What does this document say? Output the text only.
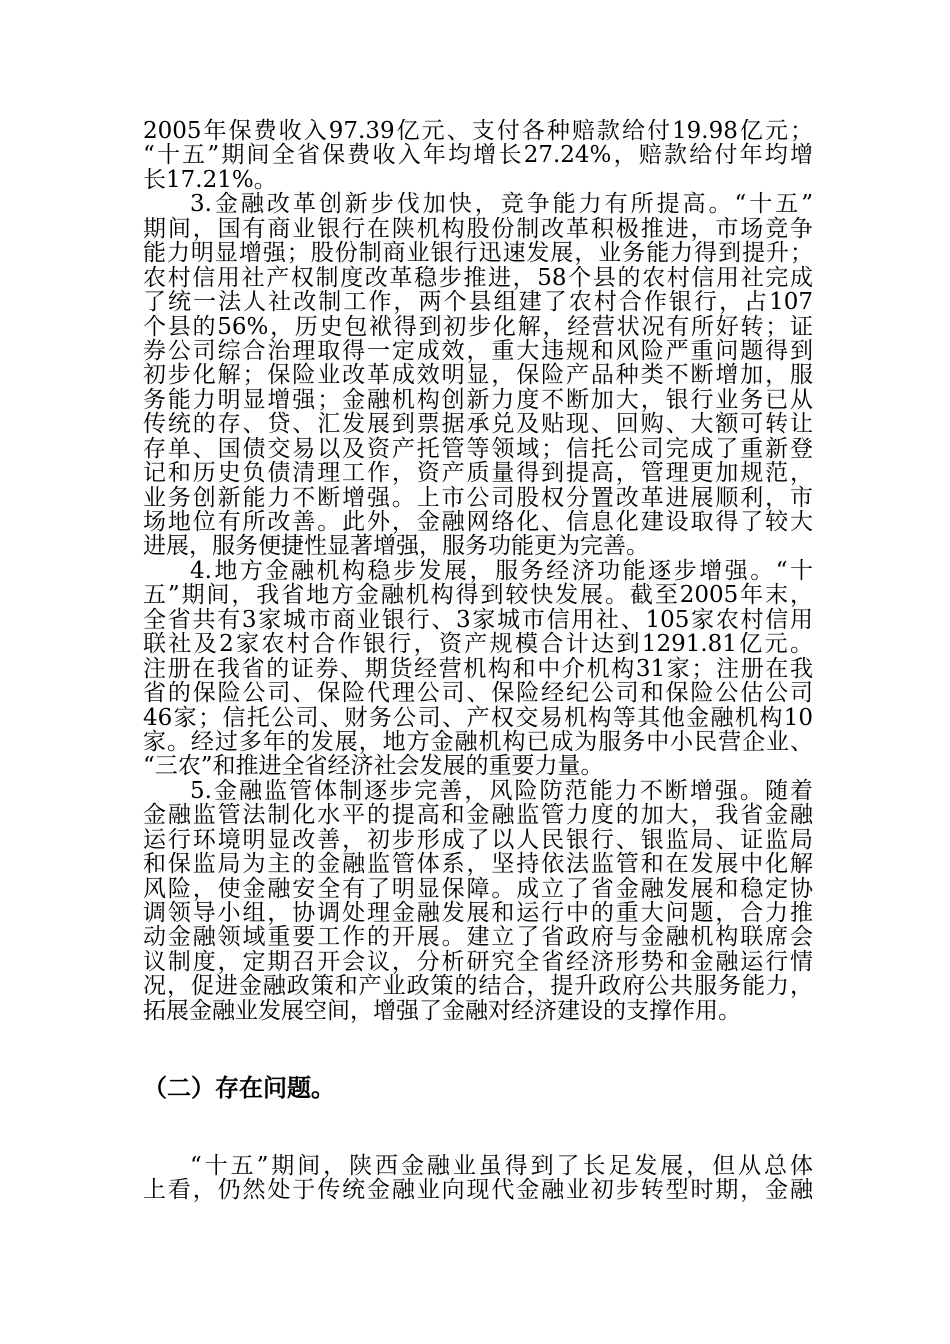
2005年保费收入97.39亿元、支付各种赔款给付19.98亿元；
“十五”期间全省保费收入年均增长27.24%，赔款给付年均增
长17.21%。
3.金融改革创新步伐加快，竞争能力有所提高。“十五”
期间，国有商业银行在陕机构股份制改革积极推进，市场竞争
能力明显增强；股份制商业银行迅速发展，业务能力得到提升；
农村信用社产权制度改革稳步推进，58个县的农村信用社完成
了统一法人社改制工作，两个县组建了农村合作银行，占107
个县的56%，历史包袱得到初步化解，经营状况有所好转；证
券公司综合治理取得一定成效，重大违规和风险严重问题得到
初步化解；保险业改革成效明显，保险产品种类不断增加，服
务能力明显增强；金融机构创新力度不断加大，银行业务已从
传统的存、贷、汇发展到票据承兑及贴现、回购、大额可转让
存单、国债交易以及资产托管等领域；信托公司完成了重新登
记和历史负债清理工作，资产质量得到提高，管理更加规范，
业务创新能力不断增强。上市公司股权分置改革进展顺利，市
场地位有所改善。此外，金融网络化、信息化建设取得了较大
进展，服务便捷性显著增强，服务功能更为完善。
4.地方金融机构稳步发展，服务经济功能逐步增强。“十
五”期间，我省地方金融机构得到较快发展。截至2005年末，
全省共有3家城市商业银行、3家城市信用社、105家农村信用
联社及2家农村合作银行，资产规模合计达到1291.81亿元。
注册在我省的证券、期货经营机构和中介机构31家；注册在我
省的保险公司、保险代理公司、保险经纪公司和保险公估公司
46家；信托公司、财务公司、产权交易机构等其他金融机构10
家。经过多年的发展，地方金融机构已成为服务中小民营企业、
“三农”和推进全省经济社会发展的重要力量。
5.金融监管体制逐步完善，风险防范能力不断增强。随着
金融监管法制化水平的提高和金融监管力度的加大，我省金融
运行环境明显改善，初步形成了以人民银行、银监局、证监局
和保监局为主的金融监管体系，坚持依法监管和在发展中化解
风险，使金融安全有了明显保障。成立了省金融发展和稳定协
调领导小组，协调处理金融发展和运行中的重大问题，合力推
动金融领域重要工作的开展。建立了省政府与金融机构联席会
议制度，定期召开会议，分析研究全省经济形势和金融运行情
况，促进金融政策和产业政策的结合，提升政府公共服务能力，
拓展金融业发展空间，增强了金融对经济建设的支撑作用。
（二）存在问题。
“十五”期间，陕西金融业虽得到了长足发展，但从总体
上看，仍然处于传统金融业向现代金融业初步转型时期，金融
